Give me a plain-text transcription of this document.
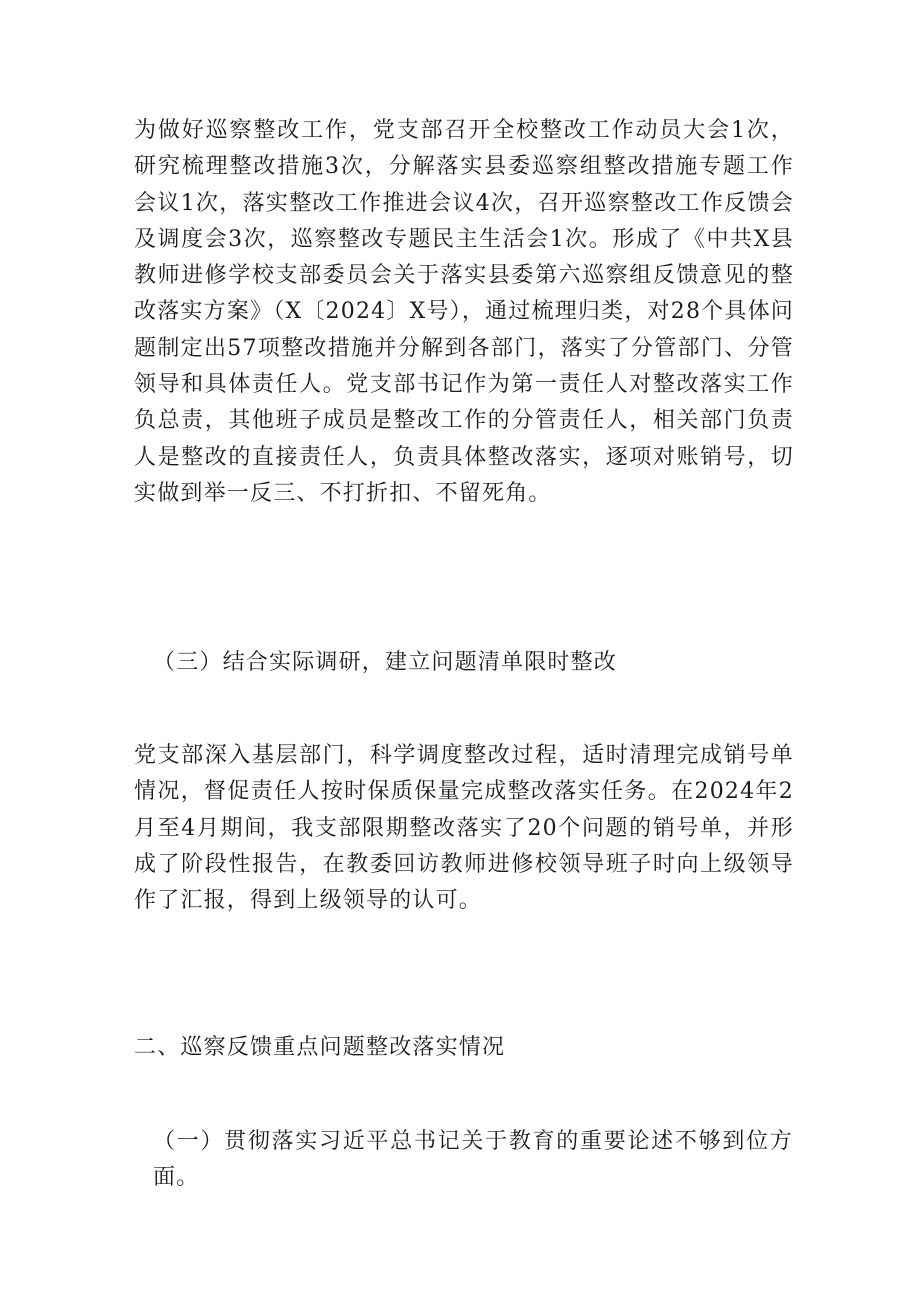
为做好巡察整改工作，党支部召开全校整改工作动员大会1次，研究梳理整改措施3次，分解落实县委巡察组整改措施专题工作会议1次，落实整改工作推进会议4次，召开巡察整改工作反馈会及调度会3次，巡察整改专题民主生活会1次。形成了《中共X县教师进修学校支部委员会关于落实县委第六巡察组反馈意见的整改落实方案》（X〔2024〕X号），通过梳理归类，对28个具体问题制定出57项整改措施并分解到各部门，落实了分管部门、分管领导和具体责任人。党支部书记作为第一责任人对整改落实工作负总责，其他班子成员是整改工作的分管责任人，相关部门负责人是整改的直接责任人，负责具体整改落实，逐项对账销号，切实做到举一反三、不打折扣、不留死角。

（三）结合实际调研，建立问题清单限时整改

党支部深入基层部门，科学调度整改过程，适时清理完成销号单情况，督促责任人按时保质保量完成整改落实任务。在2024年2月至4月期间，我支部限期整改落实了20个问题的销号单，并形成了阶段性报告，在教委回访教师进修校领导班子时向上级领导作了汇报，得到上级领导的认可。

二、巡察反馈重点问题整改落实情况

（一）贯彻落实习近平总书记关于教育的重要论述不够到位方面。
